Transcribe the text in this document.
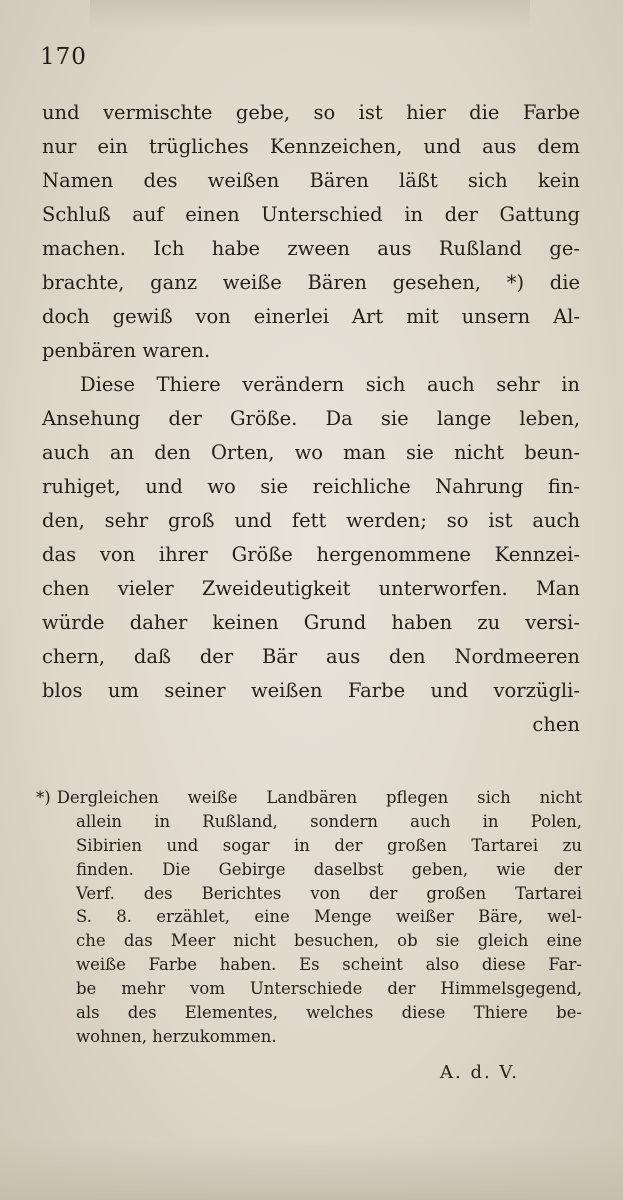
170
und vermischte gebe, so ist hier die Farbe
nur ein trügliches Kennzeichen, und aus dem
Namen des weißen Bären läßt sich kein
Schluß auf einen Unterschied in der Gattung
machen. Ich habe zween aus Rußland ge-
brachte, ganz weiße Bären gesehen, *) die
doch gewiß von einerlei Art mit unsern Al-
penbären waren.
Diese Thiere verändern sich auch sehr in
Ansehung der Größe. Da sie lange leben,
auch an den Orten, wo man sie nicht beun-
ruhiget, und wo sie reichliche Nahrung fin-
den, sehr groß und fett werden; so ist auch
das von ihrer Größe hergenommene Kennzei-
chen vieler Zweideutigkeit unterworfen. Man
würde daher keinen Grund haben zu versi-
chern, daß der Bär aus den Nordmeeren
blos um seiner weißen Farbe und vorzügli-
chen
*) Dergleichen weiße Landbären pflegen sich nicht
allein in Rußland, sondern auch in Polen,
Sibirien und sogar in der großen Tartarei zu
finden. Die Gebirge daselbst geben, wie der
Verf. des Berichtes von der großen Tartarei
S. 8. erzählet, eine Menge weißer Bäre, wel-
che das Meer nicht besuchen, ob sie gleich eine
weiße Farbe haben. Es scheint also diese Far-
be mehr vom Unterschiede der Himmelsgegend,
als des Elementes, welches diese Thiere be-
wohnen, herzukommen.
A. d. V.
